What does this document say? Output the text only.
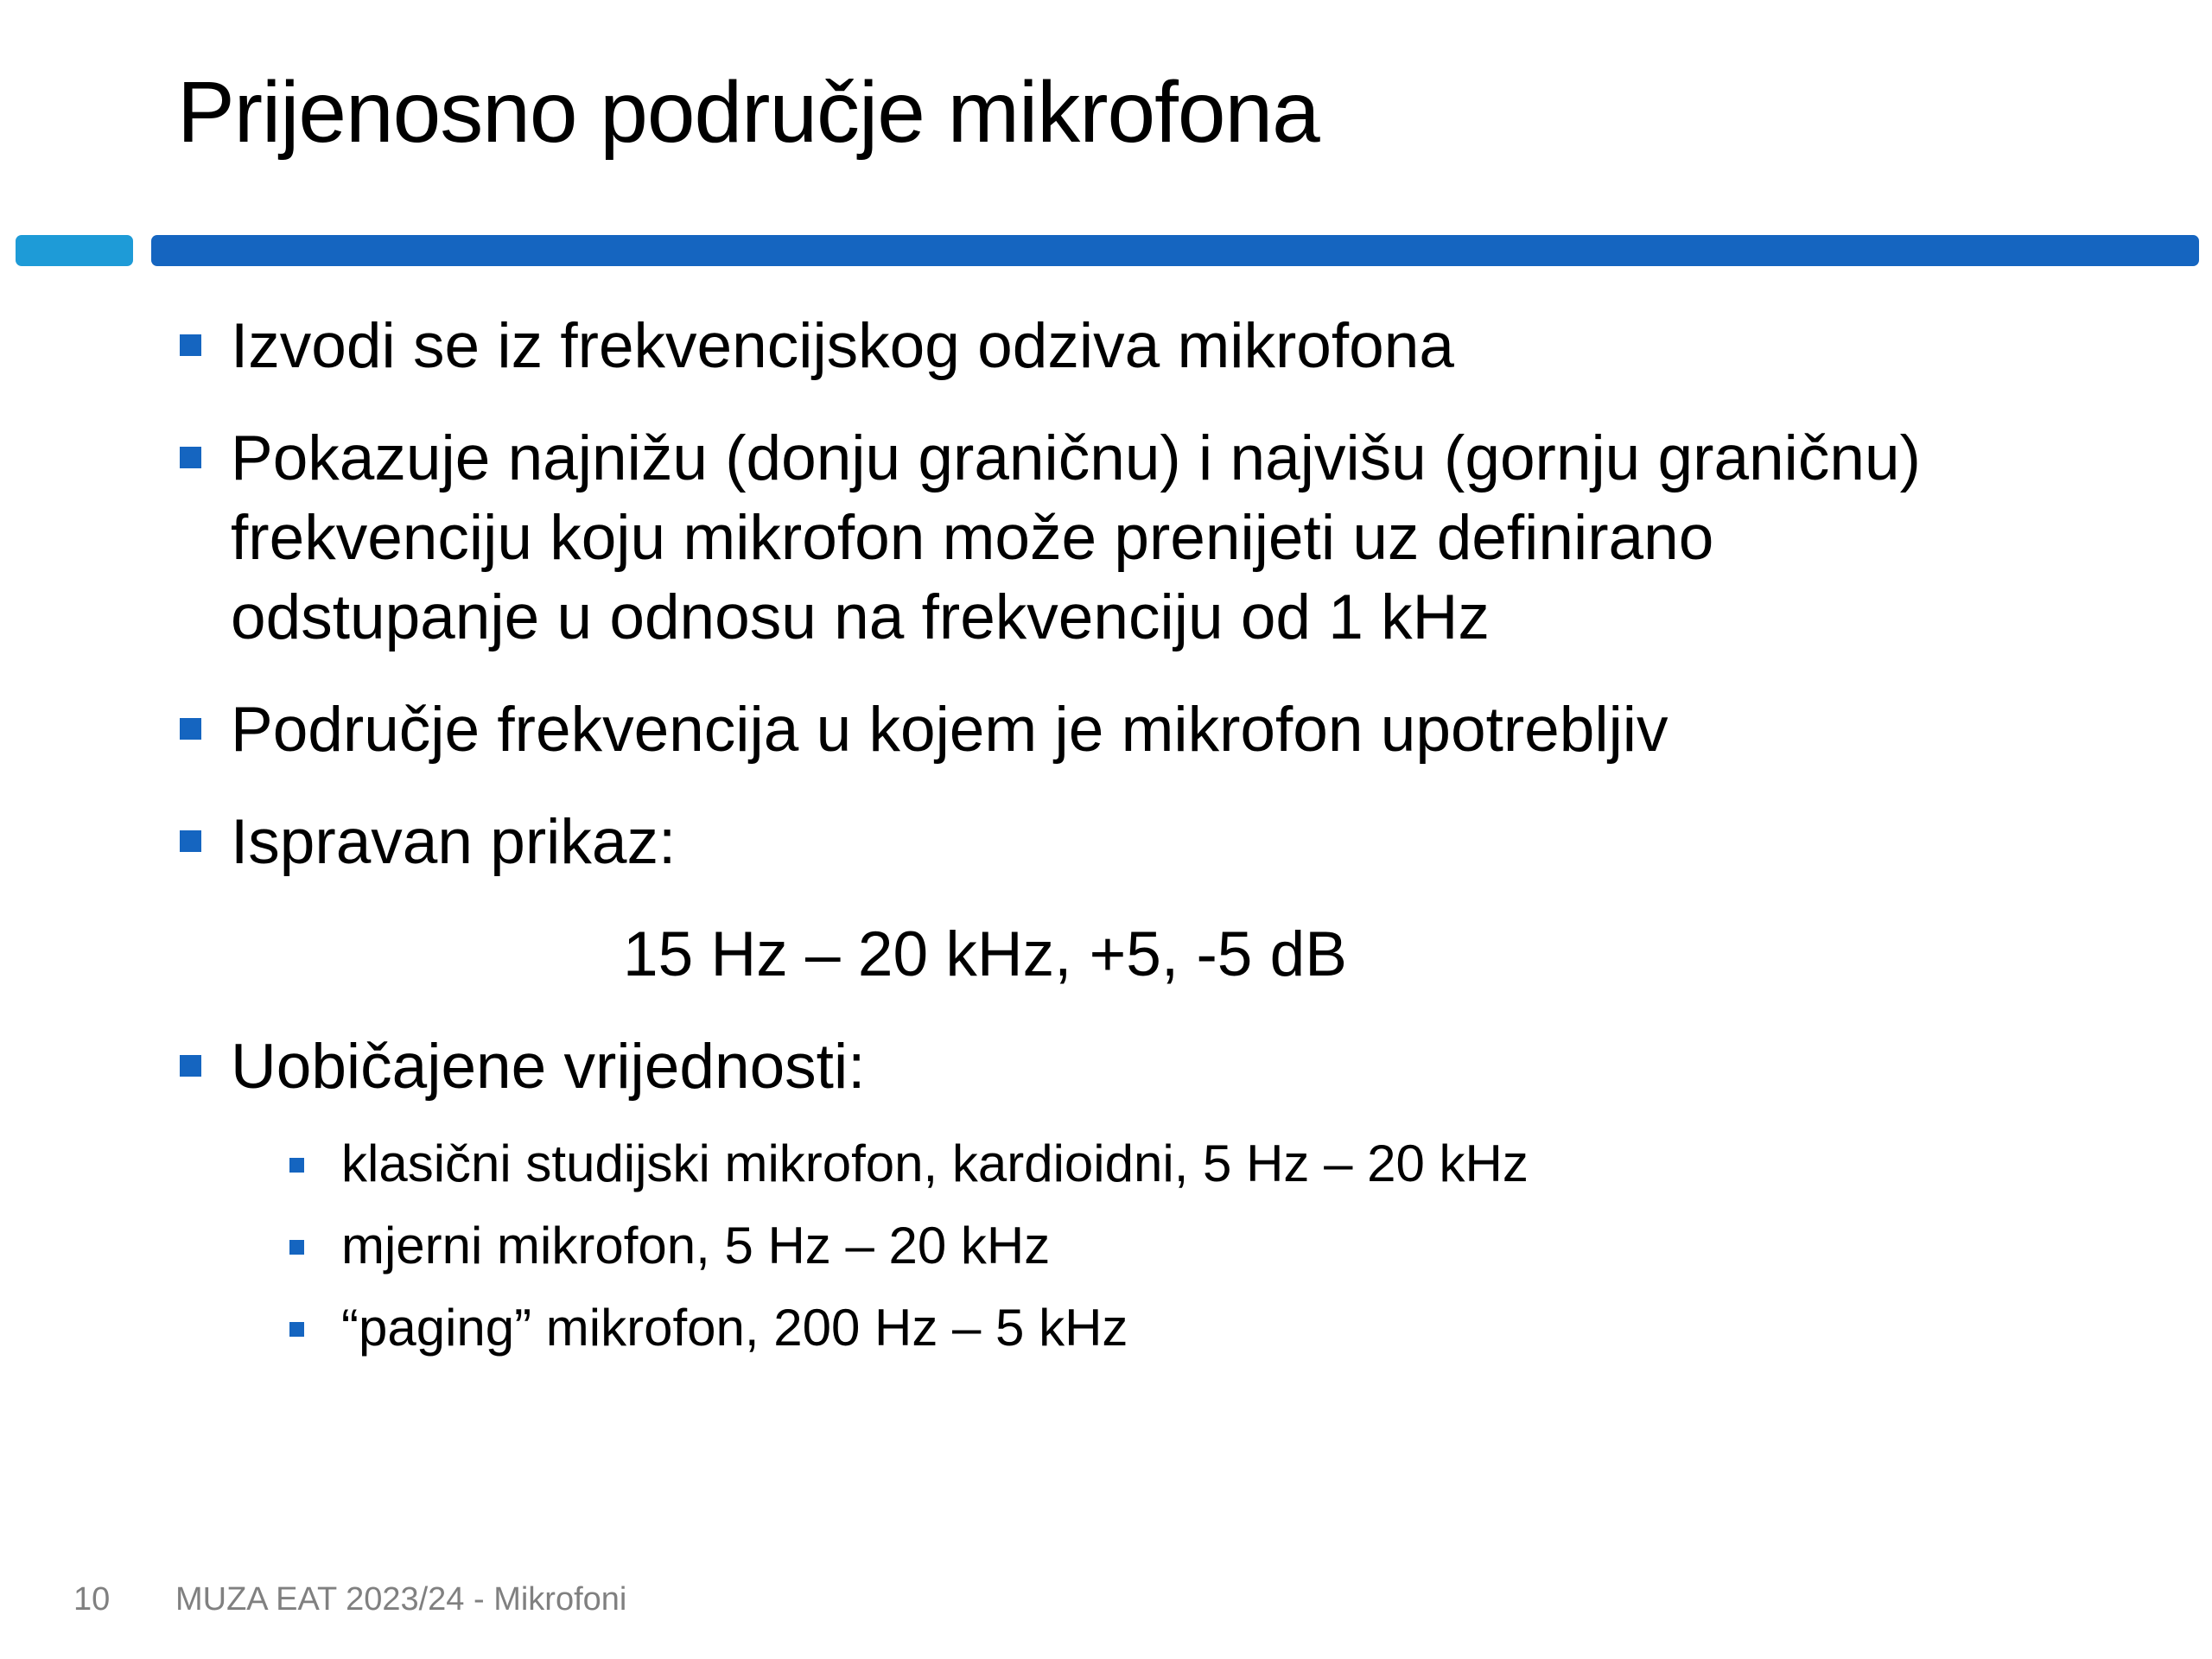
Prijenosno područje mikrofona
Izvodi se iz frekvencijskog odziva mikrofona
Pokazuje najnižu (donju graničnu) i najvišu (gornju graničnu)
frekvenciju koju mikrofon može prenijeti uz definirano
odstupanje u odnosu na frekvenciju od 1 kHz
Područje frekvencija u kojem je mikrofon upotrebljiv
Ispravan prikaz:
15 Hz – 20 kHz, +5, -5 dB
Uobičajene vrijednosti:
klasični studijski mikrofon, kardioidni, 5 Hz – 20 kHz
mjerni mikrofon, 5 Hz – 20 kHz
“paging” mikrofon, 200 Hz – 5 kHz
10 MUZA EAT 2023/24 - Mikrofoni
